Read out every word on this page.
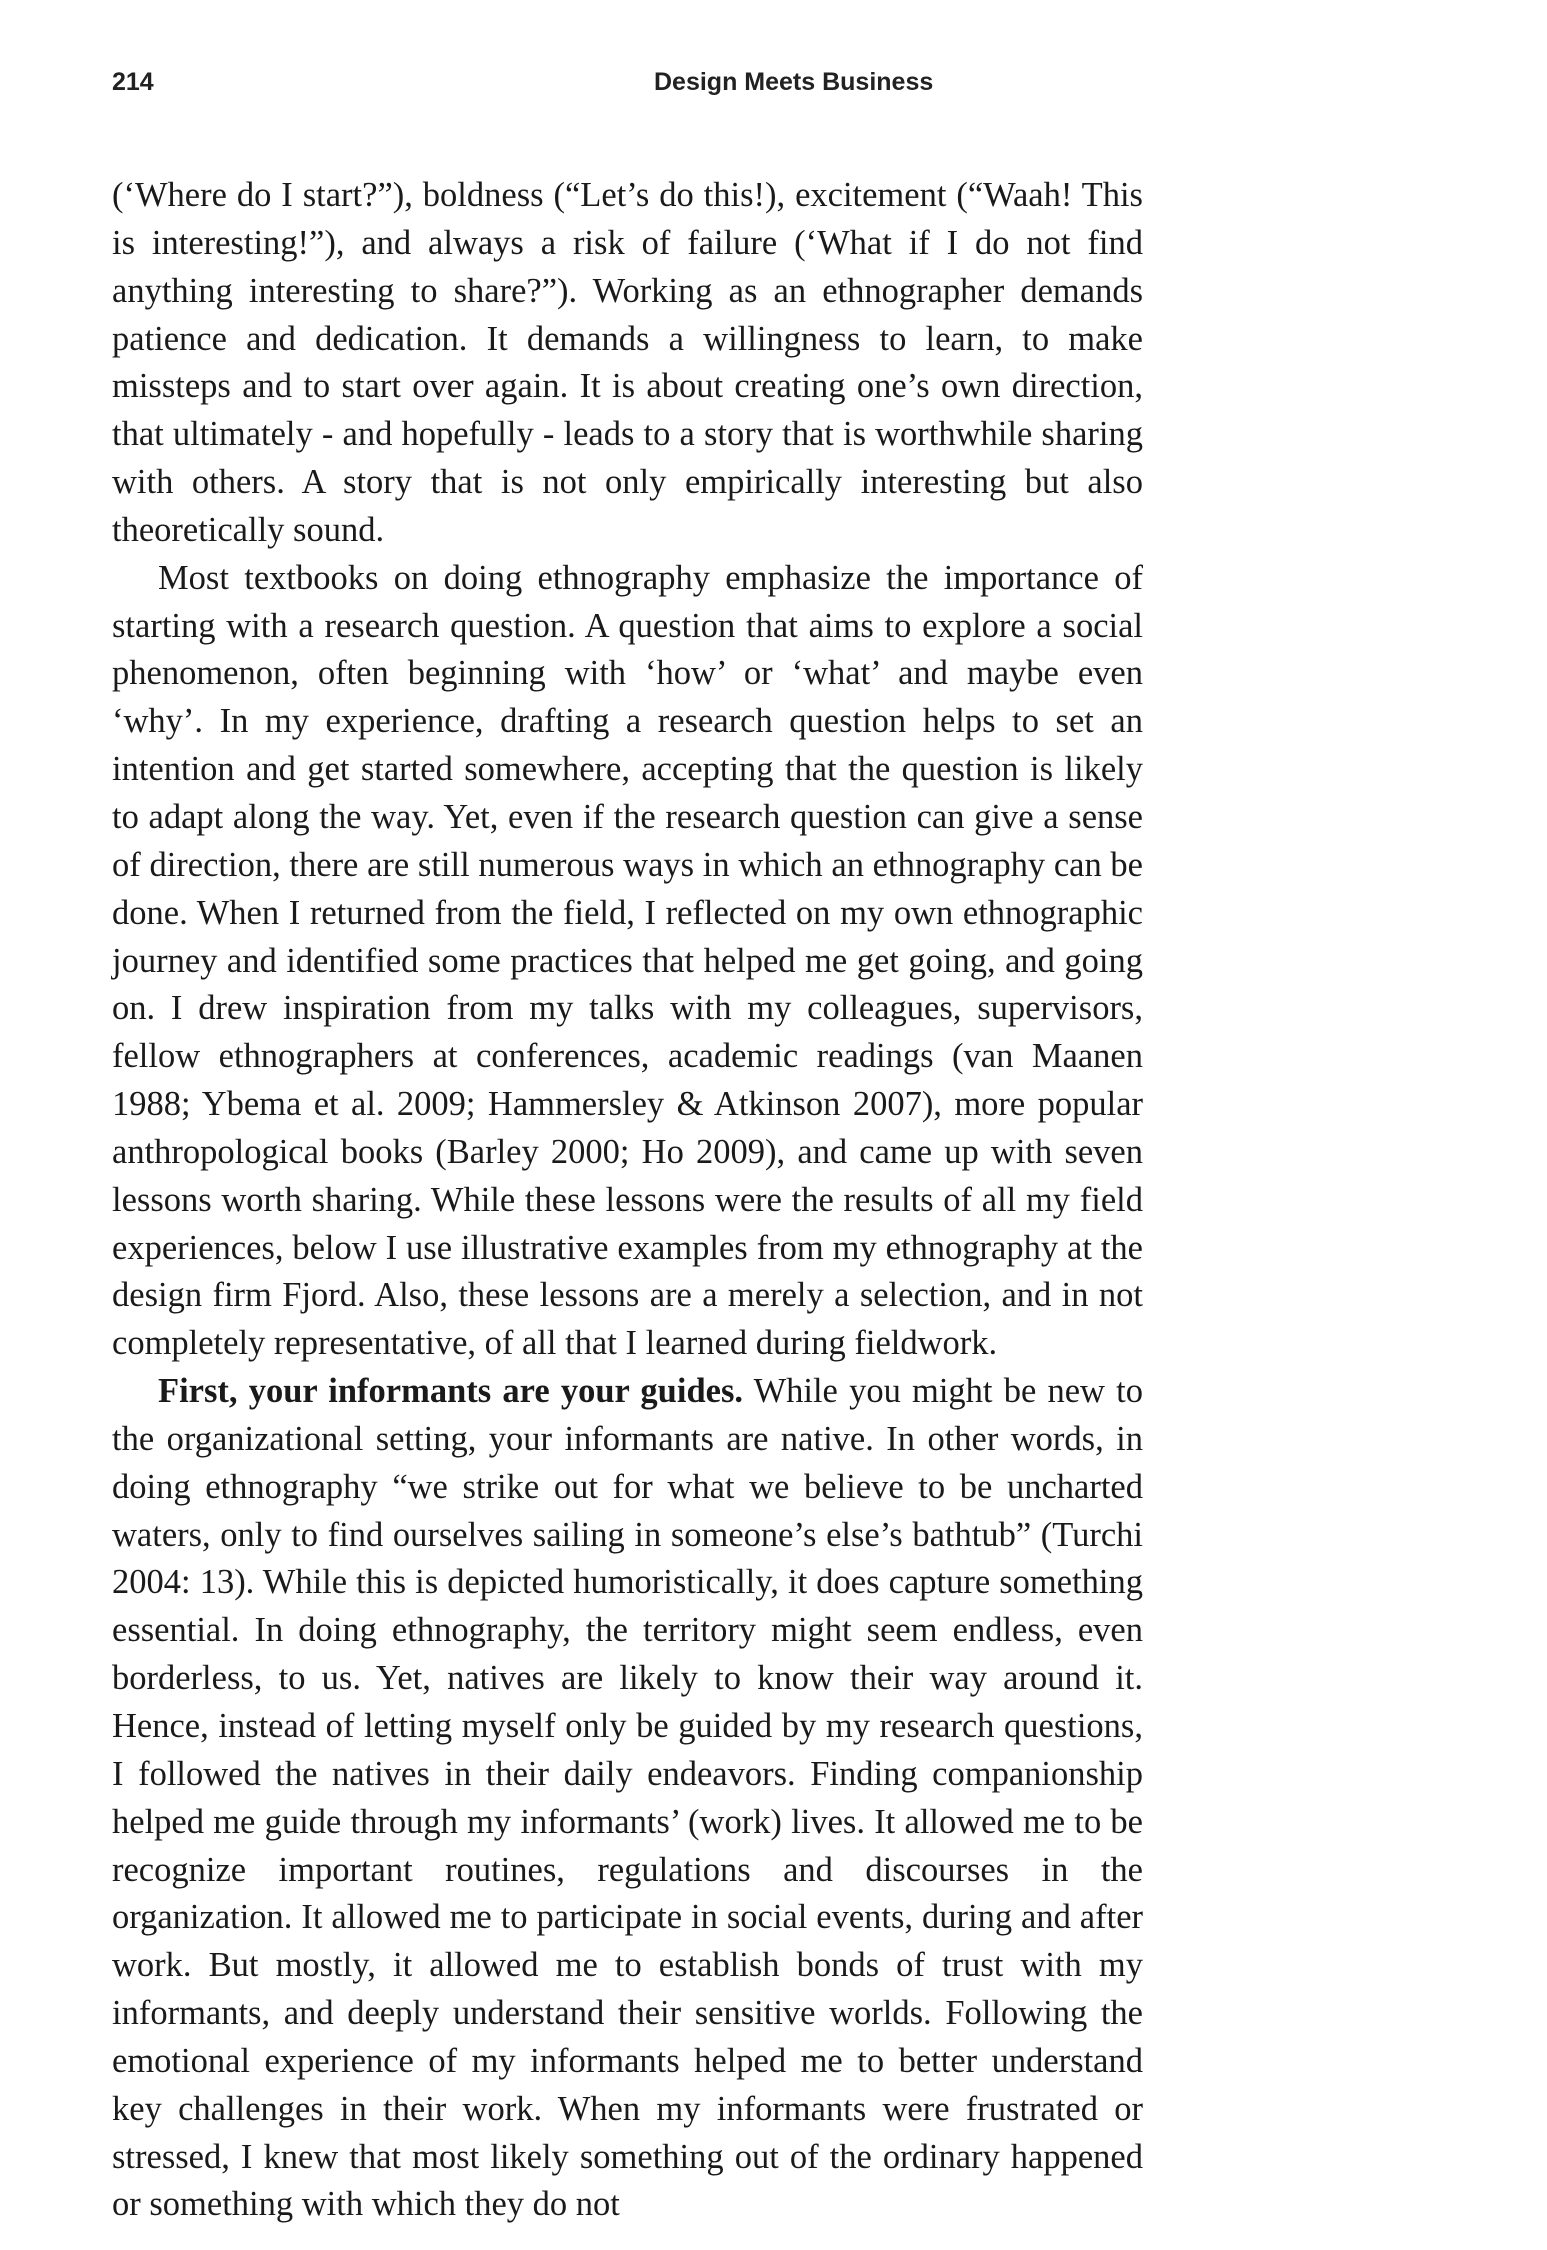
214	Design Meets Business

(‘Where do I start?”), boldness (“Let’s do this!), excitement (“Waah! This is interesting!”), and always a risk of failure (‘What if I do not find anything interesting to share?”). Working as an ethnographer demands patience and dedication. It demands a willingness to learn, to make missteps and to start over again. It is about creating one’s own direction, that ultimately - and hopefully - leads to a story that is worthwhile sharing with others. A story that is not only empirically interesting but also theoretically sound.

Most textbooks on doing ethnography emphasize the importance of starting with a research question. A question that aims to explore a social phenomenon, often beginning with ‘how’ or ‘what’ and maybe even ‘why’. In my experience, drafting a research question helps to set an intention and get started somewhere, accepting that the question is likely to adapt along the way. Yet, even if the research question can give a sense of direction, there are still numerous ways in which an ethnography can be done. When I returned from the field, I reflected on my own ethnographic journey and identified some practices that helped me get going, and going on. I drew inspiration from my talks with my colleagues, supervisors, fellow ethnographers at conferences, academic readings (van Maanen 1988; Ybema et al. 2009; Hammersley & Atkinson 2007), more popular anthropological books (Barley 2000; Ho 2009), and came up with seven lessons worth sharing. While these lessons were the results of all my field experiences, below I use illustrative examples from my ethnography at the design firm Fjord. Also, these lessons are a merely a selection, and in not completely representative, of all that I learned during fieldwork.

First, your informants are your guides. While you might be new to the organizational setting, your informants are native. In other words, in doing ethnography “we strike out for what we believe to be uncharted waters, only to find ourselves sailing in someone’s else’s bathtub” (Turchi 2004: 13). While this is depicted humoristically, it does capture something essential. In doing ethnography, the territory might seem endless, even borderless, to us. Yet, natives are likely to know their way around it. Hence, instead of letting myself only be guided by my research questions, I followed the natives in their daily endeavors. Finding companionship helped me guide through my informants’ (work) lives. It allowed me to be recognize important routines, regulations and discourses in the organization. It allowed me to participate in social events, during and after work. But mostly, it allowed me to establish bonds of trust with my informants, and deeply understand their sensitive worlds. Following the emotional experience of my informants helped me to better understand key challenges in their work. When my informants were frustrated or stressed, I knew that most likely something out of the ordinary happened or something with which they do not
